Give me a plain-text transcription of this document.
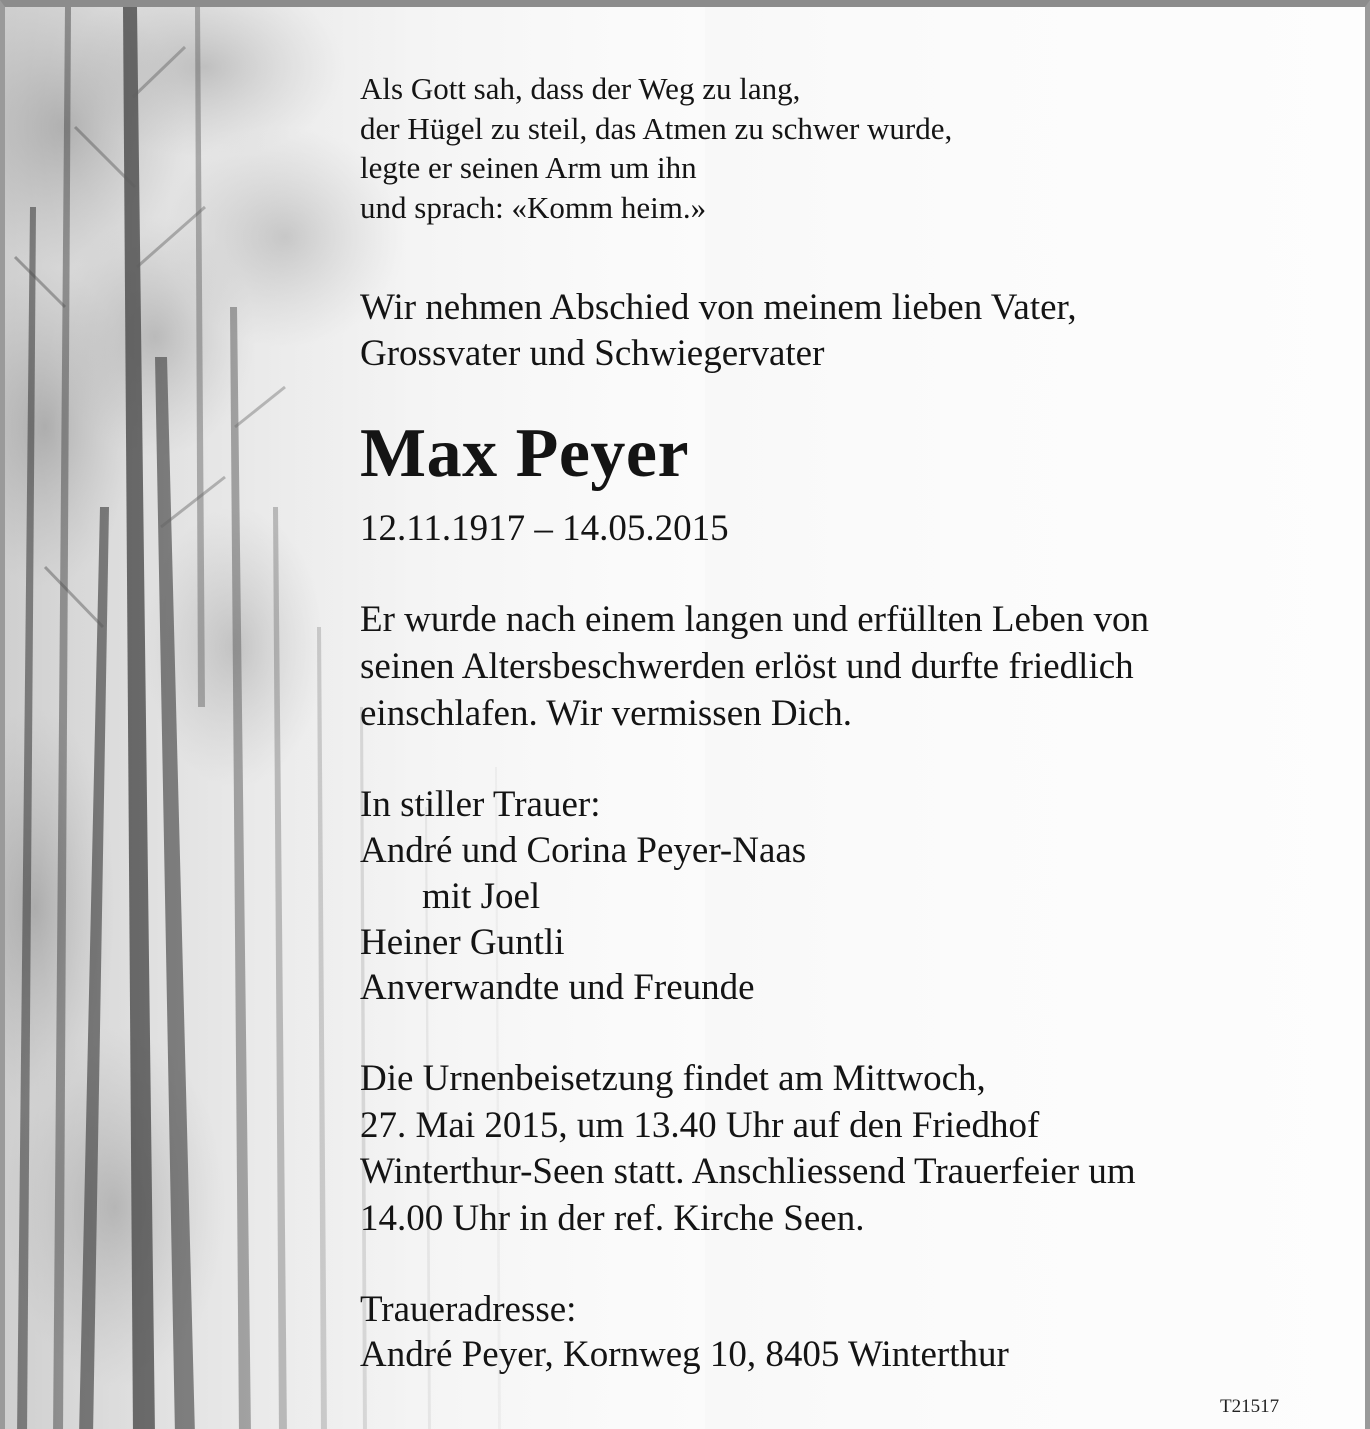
Als Gott sah, dass der Weg zu lang,

der Hügel zu steil, das Atmen zu schwer wurde,

legte er seinen Arm um ihn

und sprach: «Komm heim.»

Wir nehmen Abschied von meinem lieben Vater,

Grossvater und Schwiegervater

Max Peyer

12.11.1917 – 14.05.2015

Er wurde nach einem langen und erfüllten Leben von

seinen Altersbeschwerden erlöst und durfte friedlich

einschlafen. Wir vermissen Dich.

In stiller Trauer:

André und Corina Peyer-Naas

mit Joel

Heiner Guntli

Anverwandte und Freunde

Die Urnenbeisetzung findet am Mittwoch,

27. Mai 2015, um 13.40 Uhr auf den Friedhof

Winterthur-Seen statt. Anschliessend Trauerfeier um

14.00 Uhr in der ref. Kirche Seen.

Traueradresse:

André Peyer, Kornweg 10, 8405 Winterthur

T21517
